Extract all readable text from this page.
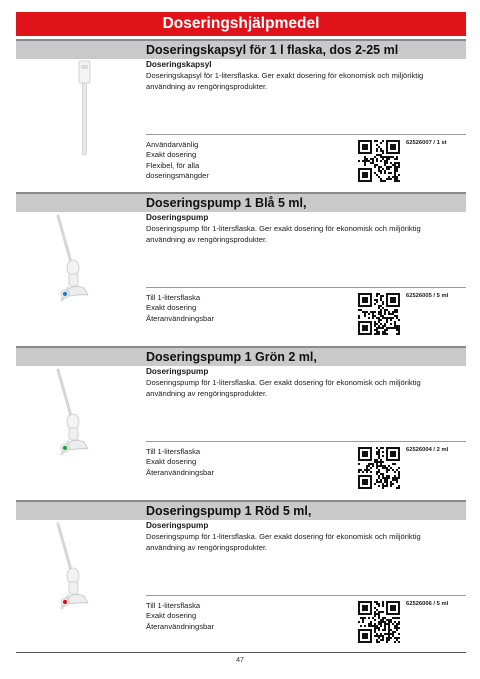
Doseringshjälpmedel
Doseringskapsyl för 1 l flaska, dos 2-25 ml
Doseringskapsyl
Doseringskapsyl för 1-litersflaska. Ger exakt dosering för ekonomisk och miljöriktig användning av rengöringsprodukter.
Användarvänlig
Exakt dosering
Flexibel, för alla
doseringsmängder
62526007 / 1 st
Doseringspump 1 Blå 5 ml,
Doseringspump
Doseringspump för 1-litersflaska. Ger exakt dosering för ekonomisk och miljöriktig användning av rengöringsprodukter.
Till 1-litersflaska
Exakt dosering
Återanvändningsbar
62526005 / 5 ml
Doseringspump 1 Grön 2 ml,
Doseringspump
Doseringspump för 1-litersflaska. Ger exakt dosering för ekonomisk och miljöriktig användning av rengöringsprodukter.
Till 1-litersflaska
Exakt dosering
Återanvändningsbar
62526004 / 2 ml
Doseringspump 1 Röd 5 ml,
Doseringspump
Doseringspump för 1-litersflaska. Ger exakt dosering för ekonomisk och miljöriktig användning av rengöringsprodukter.
Till 1-litersflaska
Exakt dosering
Återanvändningsbar
62526006 / 5 ml
47
